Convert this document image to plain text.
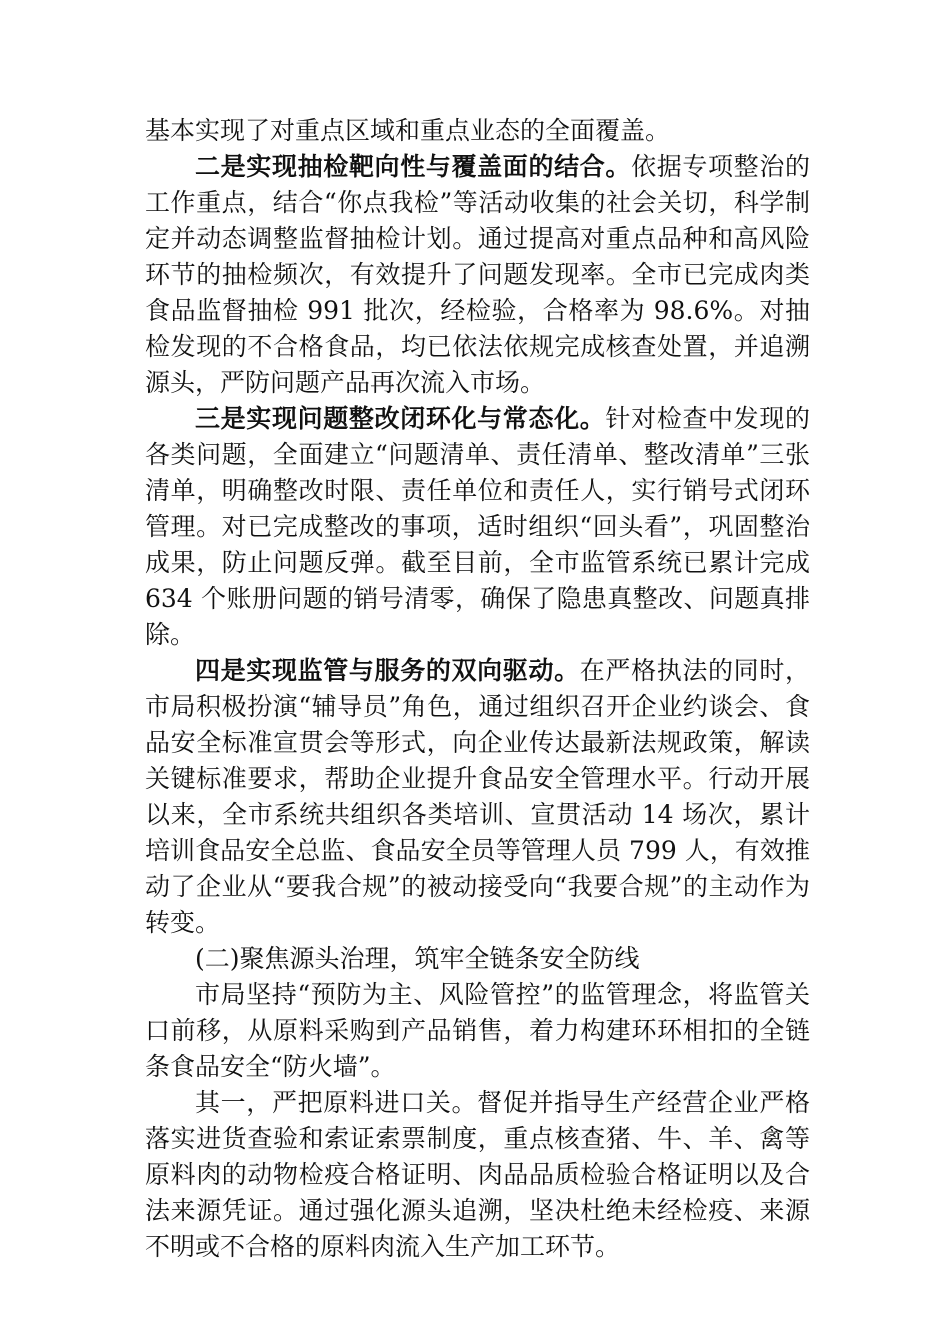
基本实现了对重点区域和重点业态的全面覆盖。

二是实现抽检靶向性与覆盖面的结合。依据专项整治的工作重点，结合“你点我检”等活动收集的社会关切，科学制定并动态调整监督抽检计划。通过提高对重点品种和高风险环节的抽检频次，有效提升了问题发现率。全市已完成肉类食品监督抽检 991 批次，经检验，合格率为 98.6%。对抽检发现的不合格食品，均已依法依规完成核查处置，并追溯源头，严防问题产品再次流入市场。

三是实现问题整改闭环化与常态化。针对检查中发现的各类问题，全面建立“问题清单、责任清单、整改清单”三张清单，明确整改时限、责任单位和责任人，实行销号式闭环管理。对已完成整改的事项，适时组织“回头看”，巩固整治成果，防止问题反弹。截至目前，全市监管系统已累计完成 634 个账册问题的销号清零，确保了隐患真整改、问题真排除。

四是实现监管与服务的双向驱动。在严格执法的同时，市局积极扮演“辅导员”角色，通过组织召开企业约谈会、食品安全标准宣贯会等形式，向企业传达最新法规政策，解读关键标准要求，帮助企业提升食品安全管理水平。行动开展以来，全市系统共组织各类培训、宣贯活动 14 场次，累计培训食品安全总监、食品安全员等管理人员 799 人，有效推动了企业从“要我合规”的被动接受向“我要合规”的主动作为转变。

(二)聚焦源头治理，筑牢全链条安全防线

市局坚持“预防为主、风险管控”的监管理念，将监管关口前移，从原料采购到产品销售，着力构建环环相扣的全链条食品安全“防火墙”。

其一，严把原料进口关。督促并指导生产经营企业严格落实进货查验和索证索票制度，重点核查猪、牛、羊、禽等原料肉的动物检疫合格证明、肉品品质检验合格证明以及合法来源凭证。通过强化源头追溯，坚决杜绝未经检疫、来源不明或不合格的原料肉流入生产加工环节。
